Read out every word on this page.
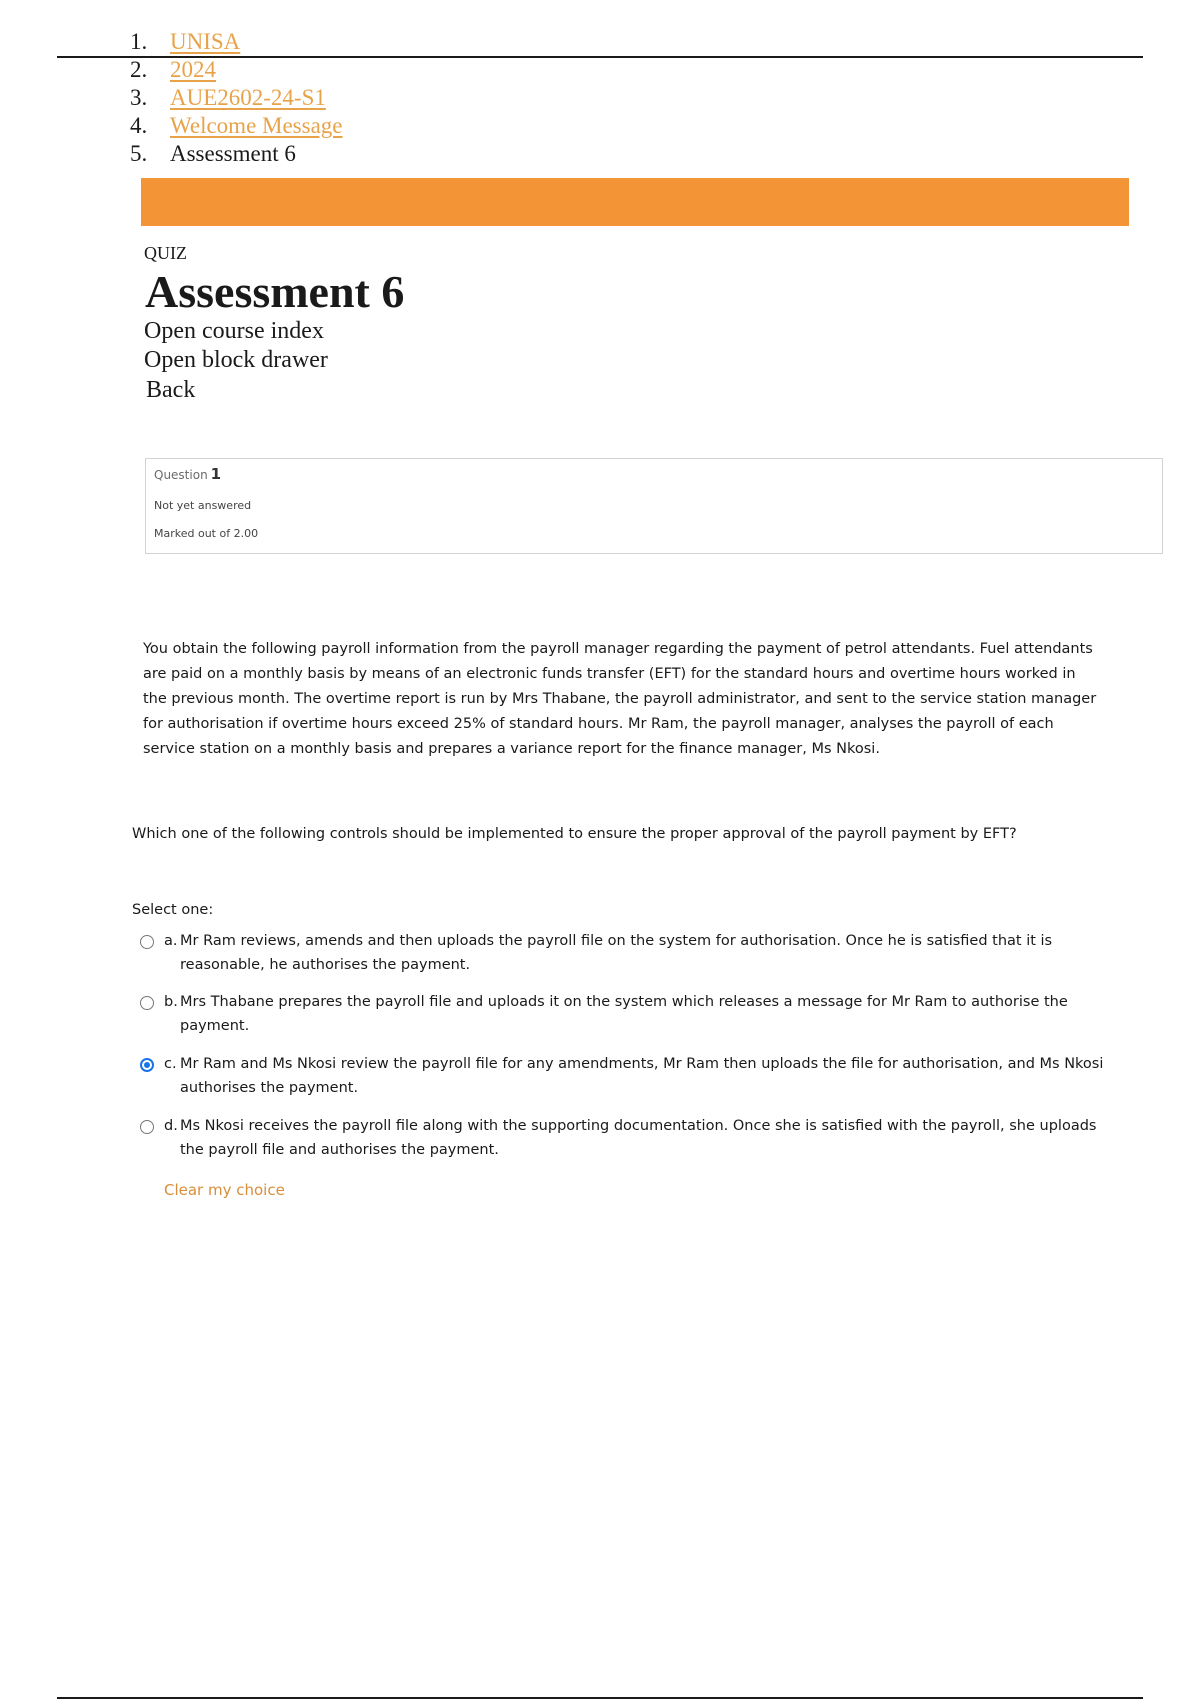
1. UNISA
2. 2024
3. AUE2602-24-S1
4. Welcome Message
5. Assessment 6
QUIZ
Assessment 6
Open course index
Open block drawer
Back
Question 1
Not yet answered
Marked out of 2.00
You obtain the following payroll information from the payroll manager regarding the payment of petrol attendants. Fuel attendants are paid on a monthly basis by means of an electronic funds transfer (EFT) for the standard hours and overtime hours worked in the previous month. The overtime report is run by Mrs Thabane, the payroll administrator, and sent to the service station manager for authorisation if overtime hours exceed 25% of standard hours. Mr Ram, the payroll manager, analyses the payroll of each service station on a monthly basis and prepares a variance report for the finance manager, Ms Nkosi.
Which one of the following controls should be implemented to ensure the proper approval of the payroll payment by EFT?
Select one:
a. Mr Ram reviews, amends and then uploads the payroll file on the system for authorisation. Once he is satisfied that it is reasonable, he authorises the payment.
b. Mrs Thabane prepares the payroll file and uploads it on the system which releases a message for Mr Ram to authorise the payment.
c. Mr Ram and Ms Nkosi review the payroll file for any amendments, Mr Ram then uploads the file for authorisation, and Ms Nkosi authorises the payment.
d. Ms Nkosi receives the payroll file along with the supporting documentation. Once she is satisfied with the payroll, she uploads the payroll file and authorises the payment.
Clear my choice
